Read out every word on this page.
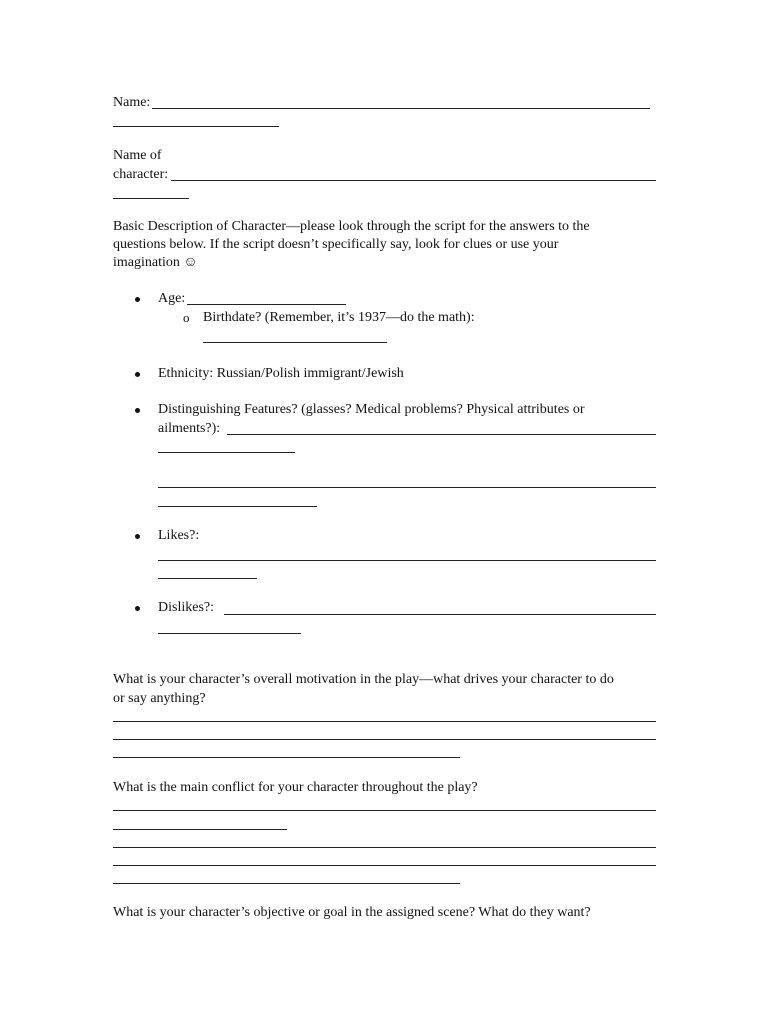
Name:
Name of
character:
Basic Description of Character—please look through the script for the answers to the
questions below. If the script doesn’t specifically say, look for clues or use your
imagination ☺
Age:
o Birthdate? (Remember, it’s 1937—do the math):
Ethnicity: Russian/Polish immigrant/Jewish
Distinguishing Features? (glasses? Medical problems? Physical attributes or
ailments?):
Likes?:
Dislikes?:
What is your character’s overall motivation in the play—what drives your character to do
or say anything?
What is the main conflict for your character throughout the play?
What is your character’s objective or goal in the assigned scene? What do they want?
